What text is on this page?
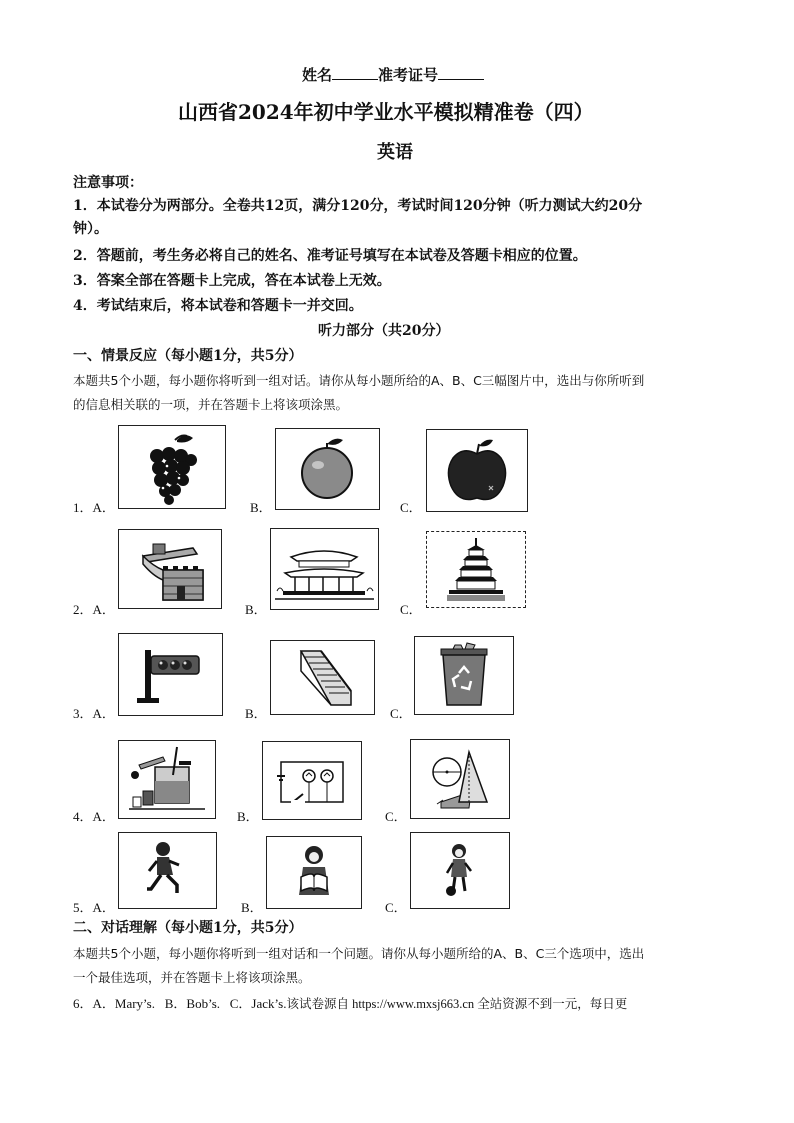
姓名	准考证号
山西省2024年初中学业水平模拟精准卷（四）
英语
注意事项：
1．本试卷分为两部分。全卷共12页，满分120分，考试时间120分钟（听力测试大约20分
钟）。
2．答题前，考生务必将自己的姓名、准考证号填写在本试卷及答题卡相应的位置。
3．答案全部在答题卡上完成，答在本试卷上无效。
4．考试结束后，将本试卷和答题卡一并交回。
听力部分（共20分）
一、情景反应（每小题1分，共5分）
本题共5个小题，每小题你将听到一组对话。请你从每小题所给的A、B、C三幅图片中，选出与你所听到
的信息相关联的一项，并在答题卡上将该项涂黑。
1．A．	B．	C．
2．A．	B．	C．
3．A．	B．	C．
4．A．	B．	C．
5．A．	B．	C．
二、对话理解（每小题1分，共5分）
本题共5个小题，每小题你将听到一组对话和一个问题。请你从每小题所给的A、B、C三个选项中，选出
一个最佳选项，并在答题卡上将该项涂黑。
6．A．Mary’s. B．Bob’s. C．Jack’s.该试卷源自 https://www.mxsj663.cn 全站资源不到一元，每日更
